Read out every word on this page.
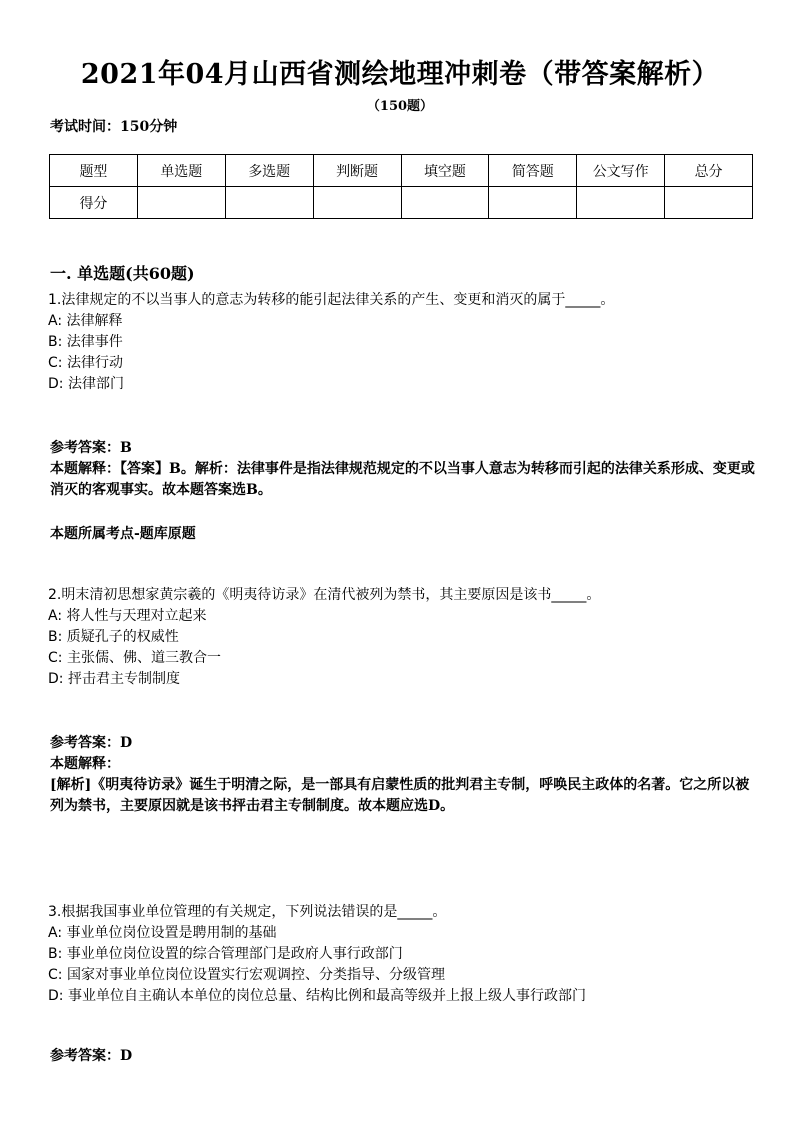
2021年04月山西省测绘地理冲刺卷（带答案解析）
（150题）
考试时间：150分钟
题型	单选题	多选题	判断题	填空题	简答题	公文写作	总分
得分							
一. 单选题(共60题)
1.法律规定的不以当事人的意志为转移的能引起法律关系的产生、变更和消灭的属于_____。
A: 法律解释
B: 法律事件
C: 法律行动
D: 法律部门
参考答案：B
本题解释：【答案】B。解析：法律事件是指法律规范规定的不以当事人意志为转移而引起的法律关系形成、变更或消灭的客观事实。故本题答案选B。
本题所属考点-题库原题
2.明末清初思想家黄宗羲的《明夷待访录》在清代被列为禁书，其主要原因是该书_____。
A: 将人性与天理对立起来
B: 质疑孔子的权威性
C: 主张儒、佛、道三教合一
D: 抨击君主专制制度
参考答案：D
本题解释：
[解析]《明夷待访录》诞生于明清之际，是一部具有启蒙性质的批判君主专制，呼唤民主政体的名著。它之所以被列为禁书，主要原因就是该书抨击君主专制制度。故本题应选D。
3.根据我国事业单位管理的有关规定，下列说法错误的是_____。
A: 事业单位岗位设置是聘用制的基础
B: 事业单位岗位设置的综合管理部门是政府人事行政部门
C: 国家对事业单位岗位设置实行宏观调控、分类指导、分级管理
D: 事业单位自主确认本单位的岗位总量、结构比例和最高等级并上报上级人事行政部门
参考答案：D
